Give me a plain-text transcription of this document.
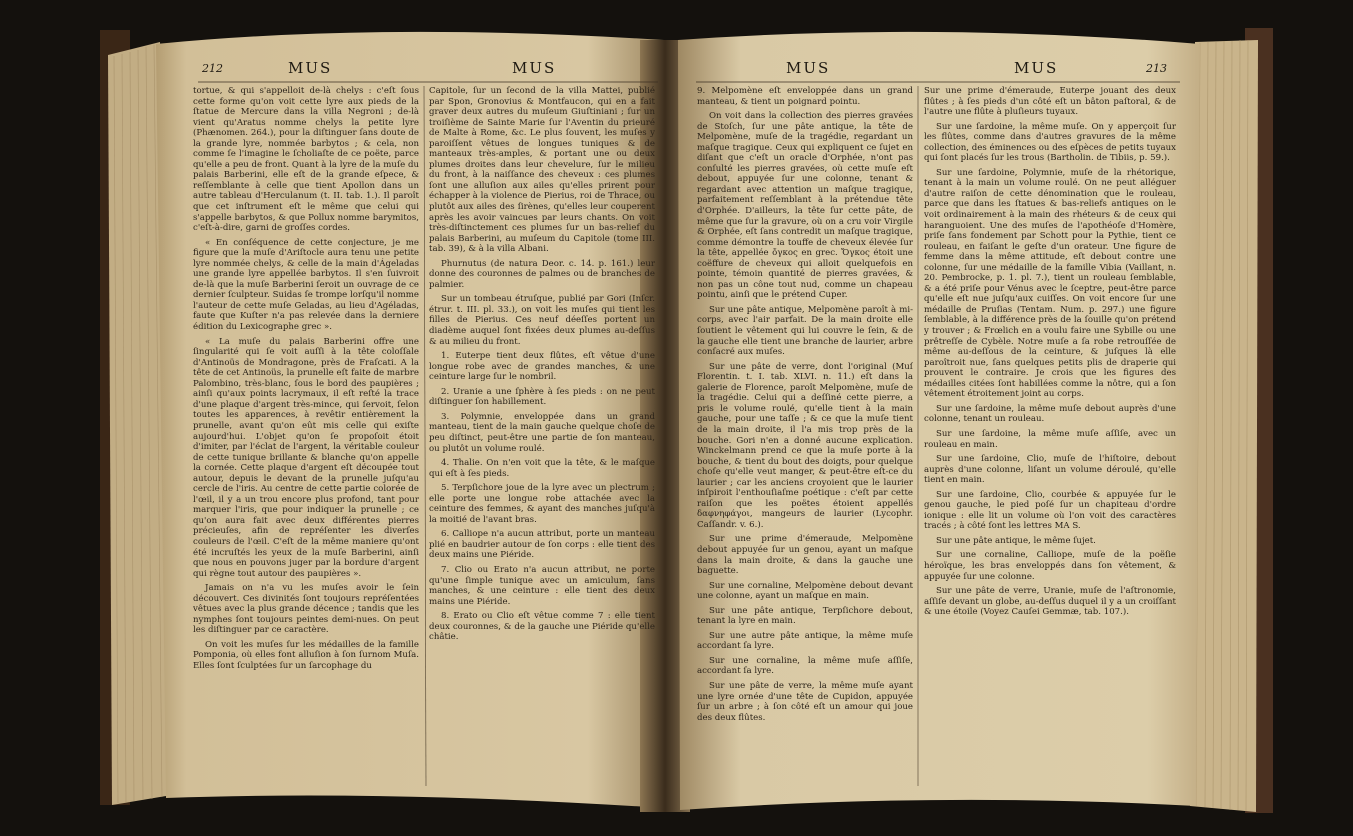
212	MUS	MUS	MUS	MUS	213

tortue, & qui s'appelloit de-là chelys : c'eſt ſous cette forme qu'on voit cette lyre aux pieds de la ſtatue de Mercure dans la villa Negroni ; de-là vient qu'Aratus nomme chelys la petite lyre (Phænomen. 264.), pour la diſtinguer ſans doute de la grande lyre, nommée barbytos ; & cela, non comme ſe l'imagine le ſcholiaſte de ce poëte, parce qu'elle a peu de front. Quant à la lyre de la muſe du palais Barberini, elle eſt de la grande eſpece, & reſſemblante à celle que tient Apollon dans un autre tableau d'Herculanum (t. II. tab. 1.). Il paroît que cet inſtrument eſt le même que celui qui s'appelle barbytos, & que Pollux nomme barymitos, c'eſt-à-dire, garni de groſſes cordes.

« En conſéquence de cette conjecture, je me figure que la muſe d'Ariſtocle aura tenu une petite lyre nommée chelys, & celle de la main d'Ágeladas une grande lyre appellée barbytos. Il s'en ſuivroit de-là que la muſe Barberini ſeroit un ouvrage de ce dernier ſculpteur. Suidas ſe trompe lorſqu'il nomme l'auteur de cette muſe Geladas, au lieu d'Agéladas, faute que Kuſter n'a pas relevée dans la derniere édition du Lexicographe grec ».

« La muſe du palais Barberini offre une ſingularité qui ſe voit auſſi à la tête coloſſale d'Antinoüs de Mondragone, près de Fraſcati. A la tête de cet Antinoüs, la prunelle eſt faite de marbre Palombino, très-blanc, ſous le bord des paupières ; ainſi qu'aux points lacrymaux, il eſt reſté la trace d'une plaque d'argent très-mince, qui ſervoit, ſelon toutes les apparences, à revêtir entièrement la prunelle, avant qu'on eût mis celle qui exiſte aujourd'hui. L'objet qu'on ſe propoſoit étoit d'imiter, par l'éclat de l'argent, la véritable couleur de cette tunique brillante & blanche qu'on appelle la cornée. Cette plaque d'argent eſt découpée tout autour, depuis le devant de la prunelle juſqu'au cercle de l'iris. Au centre de cette partie colorée de l'œil, il y a un trou encore plus profond, tant pour marquer l'iris, que pour indiquer la prunelle ; ce qu'on aura fait avec deux différentes pierres précieuſes, afin de repréſenter les diverſes couleurs de l'œil. C'eſt de la même maniere qu'ont été incruſtés les yeux de la muſe Barberini, ainſi que nous en pouvons juger par la bordure d'argent qui règne tout autour des paupières ».

Jamais on n'a vu les muſes avoir le ſein découvert. Ces divinités ſont toujours repréſentées vêtues avec la plus grande décence ; tandis que les nymphes ſont toujours peintes demi-nues. On peut les diſtinguer par ce caractère.

On voit les muſes ſur les médailles de la famille Pomponia, où elles font alluſion à ſon ſurnom Muſa. Elles ſont ſculptées ſur un ſarcophage du

Capitole, ſur un ſecond de la villa Mattei, publié par Spon, Gronovius & Montfaucon, qui en a fait graver deux autres du muſeum Giuſtiniani ; ſur un troiſième de Sainte Marie ſur l'Aventin du prieuré de Malte à Rome, &c. Le plus ſouvent, les muſes y paroiſſent vêtues de longues tuniques & de manteaux très-amples, & portant une ou deux plumes droites dans leur chevelure, ſur le milieu du front, à la naiſſance des cheveux : ces plumes ſont une alluſion aux ailes qu'elles prirent pour échapper à la violence de Pierius, roi de Thrace, ou plutôt aux ailes des ſirènes, qu'elles leur couperent après les avoir vaincues par leurs chants. On voit très-diſtinctement ces plumes ſur un bas-relief du palais Barberini, au muſeum du Capitole (tome III. tab. 39), & à la villa Albani.

Phurnutus (de natura Deor. c. 14. p. 161.) leur donne des couronnes de palmes ou de branches de palmier.

Sur un tombeau étruſque, publié par Gori (Inſcr. étrur. t. III. pl. 33.), on voit les muſes qui tient les filles de Pierius. Ces neuf déeſſes portent un diadème auquel ſont fixées deux plumes au-deſſus & au milieu du front.

1. Euterpe tient deux flûtes, eſt vêtue d'une longue robe avec de grandes manches, & une ceinture large ſur le nombril.

2. Uranie a une ſphère à ſes pieds : on ne peut diſtinguer ſon habillement.

3. Polymnie, enveloppée dans un grand manteau, tient de la main gauche quelque choſe de peu diſtinct, peut-être une partie de ſon manteau, ou plutôt un volume roulé.

4. Thalie. On n'en voit que la tête, & le maſque qui eſt à ſes pieds.

5. Terpſichore joue de la lyre avec un plectrum ; elle porte une longue robe attachée avec la ceinture des femmes, & ayant des manches juſqu'à la moitié de l'avant bras.

6. Calliope n'a aucun attribut, porte un manteau plié en baudrier autour de ſon corps : elle tient des deux mains une Piéride.

7. Clio ou Erato n'a aucun attribut, ne porte qu'une ſimple tunique avec un amiculum, ſans manches, & une ceinture : elle tient des deux mains une Piéride.

8. Erato ou Clio eſt vêtue comme 7 : elle tient deux couronnes, & de la gauche une Piéride qu'elle châtie.

9. Melpomène eſt enveloppée dans un grand manteau, & tient un poignard pointu.

On voit dans la collection des pierres gravées de Stoſch, ſur une pâte antique, la tête de Melpomène, muſe de la tragédie, regardant un maſque tragique. Ceux qui expliquent ce ſujet en diſant que c'eſt un oracle d'Orphée, n'ont pas conſulté les pierres gravées, où cette muſe eſt debout, appuyée ſur une colonne, tenant & regardant avec attention un maſque tragique, parfaitement reſſemblant à la prétendue tête d'Orphée. D'ailleurs, la tête ſur cette pâte, de même que ſur la gravure, où on a cru voir Virgile & Orphée, eſt ſans contredit un maſque tragique, comme démontre la touffe de cheveux élevée ſur la tête, appellée ὄγκος en grec. Ὄγκος étoit une coëffure de cheveux qui alloit quelquefois en pointe, témoin quantité de pierres gravées, & non pas un cône tout nud, comme un chapeau pointu, ainſi que le prétend Cuper.

Sur une pâte antique, Melpomène paroît à mi-corps, avec l'air parfait. De la main droite elle ſoutient le vêtement qui lui couvre le ſein, & de la gauche elle tient une branche de laurier, arbre conſacré aux muſes.

Sur une pâte de verre, dont l'original (Muſ Florentin. t. I. tab. XLVI. n. 11.) eſt dans la galerie de Florence, paroît Melpomène, muſe de la tragédie. Celui qui a deſſiné cette pierre, a pris le volume roulé, qu'elle tient à la main gauche, pour une taſſe ; & ce que la muſe tient de la main droite, il l'a mis trop près de la bouche. Gori n'en a donné aucune explication. Winckelmann prend ce que la muſe porte à la bouche, & tient du bout des doigts, pour quelque choſe qu'elle veut manger, & peut-être eſt-ce du laurier ; car les anciens croyoient que le laurier inſpiroit l'enthouſiaſme poétique : c'eſt par cette raiſon que les poëtes étoient appellés δαφνηφάγοι, mangeurs de laurier (Lycophr. Caſſandr. v. 6.).

Sur une prime d'émeraude, Melpomène debout appuyée ſur un genou, ayant un maſque dans la main droite, & dans la gauche une baguette.

Sur une cornaline, Melpomène debout devant une colonne, ayant un maſque en main.

Sur une pâte antique, Terpſichore debout, tenant la lyre en main.

Sur une autre pâte antique, la même muſe accordant ſa lyre.

Sur une cornaline, la même muſe aſſiſe, accordant ſa lyre.

Sur une pâte de verre, la même muſe ayant une lyre ornée d'une tête de Cupidon, appuyée ſur un arbre ; à ſon côté eſt un amour qui joue des deux flûtes.

Sur une prime d'émeraude, Euterpe jouant des deux flûtes ; à ſes pieds d'un côté eſt un bâton paſtoral, & de l'autre une flûte à pluſieurs tuyaux.

Sur une ſardoine, la même muſe. On y apperçoit ſur les flûtes, comme dans d'autres gravures de la même collection, des éminences ou des eſpèces de petits tuyaux qui ſont placés ſur les trous (Bartholin. de Tibiis, p. 59.).

Sur une ſardoine, Polymnie, muſe de la rhétorique, tenant à la main un volume roulé. On ne peut alléguer d'autre raiſon de cette dénomination que le rouleau, parce que dans les ſtatues & bas-reliefs antiques on le voit ordinairement à la main des rhéteurs & de ceux qui haranguoient. Une des muſes de l'apothéoſe d'Homère, priſe ſans fondement par Schott pour la Pythie, tient ce rouleau, en faiſant le geſte d'un orateur. Une figure de femme dans la même attitude, eſt debout contre une colonne, ſur une médaille de la famille Vibia (Vaillant, n. 20. Pembrocke, p. 1. pl. 7.), tient un rouleau ſemblable, & a été priſe pour Vénus avec le ſceptre, peut-être parce qu'elle eſt nue juſqu'aux cuiſſes. On voit encore ſur une médaille de Pruſias (Tentam. Num. p. 297.) une figure ſemblable, à la différence près de la ſouille qu'on prétend y trouver ; & Frœlich en a voulu faire une Sybille ou une prêtreſſe de Cybèle. Notre muſe a ſa robe retrouſſée de même au-deſſous de la ceinture, & juſques là elle paroîtroit nue, ſans quelques petits plis de draperie qui prouvent le contraire. Je crois que les figures des médailles citées ſont habillées comme la nôtre, qui a ſon vêtement étroitement joint au corps.

Sur une ſardoine, la même muſe debout auprès d'une colonne, tenant un rouleau.

Sur une ſardoine, la même muſe aſſiſe, avec un rouleau en main.

Sur une ſardoine, Clio, muſe de l'hiſtoire, debout auprès d'une colonne, liſant un volume déroulé, qu'elle tient en main.

Sur une ſardoine, Clio, courbée & appuyée ſur le genou gauche, le pied poſé ſur un chapiteau d'ordre ionique : elle lit un volume où l'on voit des caractères tracés ; à côté ſont les lettres MA S.

Sur une pâte antique, le même ſujet.

Sur une cornaline, Calliope, muſe de la poëſie héroïque, les bras enveloppés dans ſon vêtement, & appuyée ſur une colonne.

Sur une pâte de verre, Uranie, muſe de l'aſtronomie, aſſiſe devant un globe, au-deſſus duquel il y a un croiſſant & une étoile (Voyez Cauſei Gemmæ, tab. 107.).
